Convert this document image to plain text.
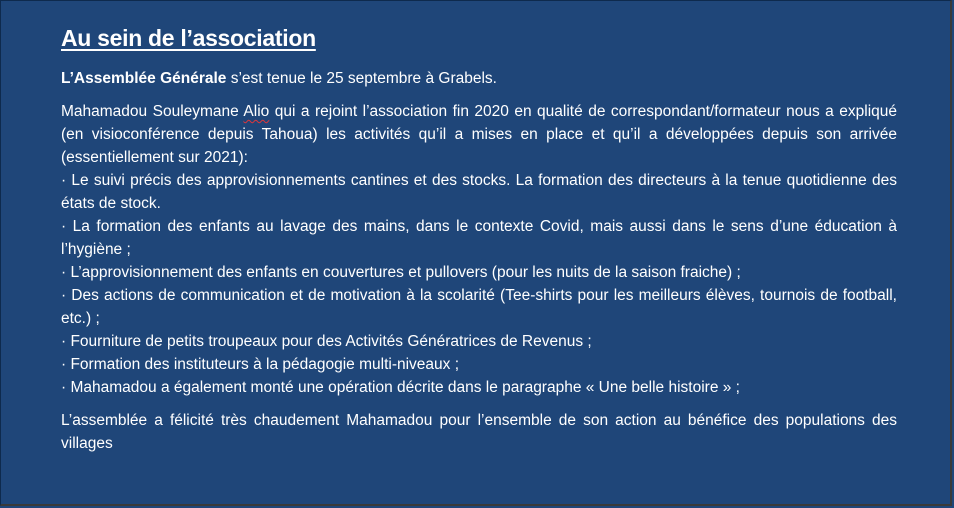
Au sein de l’association

L’Assemblée Générale s’est tenue le 25 septembre à Grabels.

Mahamadou Souleymane Alio qui a rejoint l’association fin 2020 en qualité de correspondant/formateur nous a expliqué (en visioconférence depuis Tahoua) les activités qu’il a mises en place et qu’il a développées depuis son arrivée (essentiellement sur 2021):

· Le suivi précis des approvisionnements cantines et des stocks. La formation des directeurs à la tenue quotidienne des états de stock.
· La formation des enfants au lavage des mains, dans le contexte Covid, mais aussi dans le sens d’une éducation à l’hygiène ;
· L’approvisionnement des enfants en couvertures et pullovers (pour les nuits de la saison fraiche) ;
· Des actions de communication et de motivation à la scolarité (Tee-shirts pour les meilleurs élèves, tournois de football, etc.) ;
· Fourniture de petits troupeaux pour des Activités Génératrices de Revenus ;
· Formation des instituteurs à la pédagogie multi-niveaux ;
· Mahamadou a également monté une opération décrite dans le paragraphe « Une belle histoire » ;

L’assemblée a félicité très chaudement Mahamadou pour l’ensemble de son action au bénéfice des populations des villages
